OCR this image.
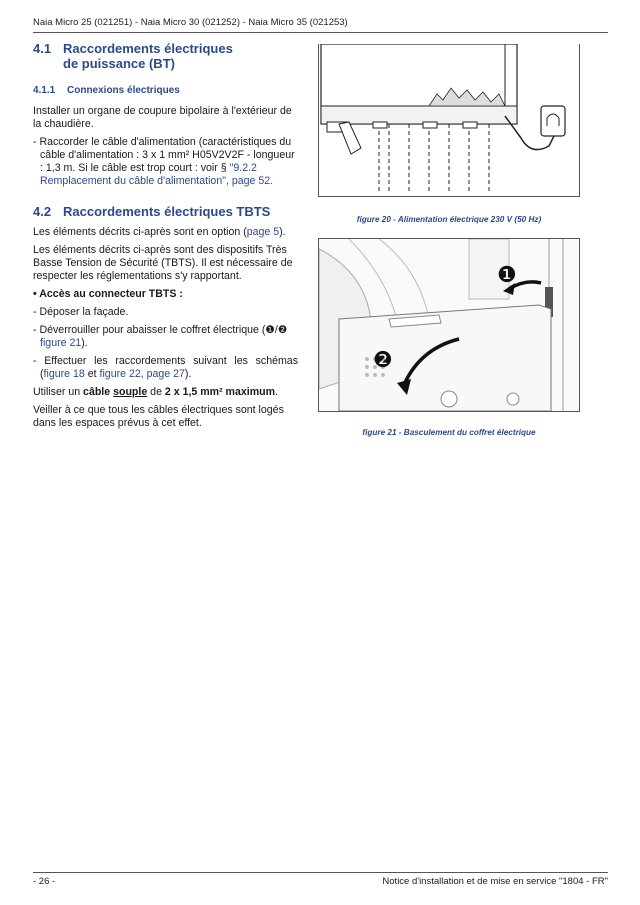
Naia Micro 25 (021251) - Naia Micro 30 (021252) - Naia Micro 35 (021253)
4.1 Raccordements électriques
de puissance (BT)
4.1.1	Connexions électriques

Installer un organe de coupure bipolaire à l'extérieur de la chaudière.

- Raccorder le câble d'alimentation (caractéristiques du câble d'alimentation : 3 x 1 mm² H05V2V2F - longueur : 1,3 m. Si le câble est trop court : voir § "9.2.2 Remplacement du câble d'alimentation", page 52.

4.2 Raccordements électriques TBTS

Les éléments décrits ci-après sont en option (page 5).

Les éléments décrits ci-après sont des dispositifs Très Basse Tension de Sécurité (TBTS). Il est nécessaire de respecter les réglementations s'y rapportant.

• Accès au connecteur TBTS :

- Déposer la façade.

- Déverrouiller pour abaisser le coffret électrique (❶/❷ figure 21).

- Effectuer les raccordements suivant les schémas (figure 18 et figure 22, page 27).

Utiliser un câble souple de 2 x 1,5 mm² maximum.

Veiller à ce que tous les câbles électriques sont logés dans les espaces prévus à cet effet.

figure 20 - Alimentation électrique 230 V (50 Hz)

❶
❷

figure 21 - Basculement du coffret électrique

- 26 -	Notice d'installation et de mise en service "1804 - FR"
